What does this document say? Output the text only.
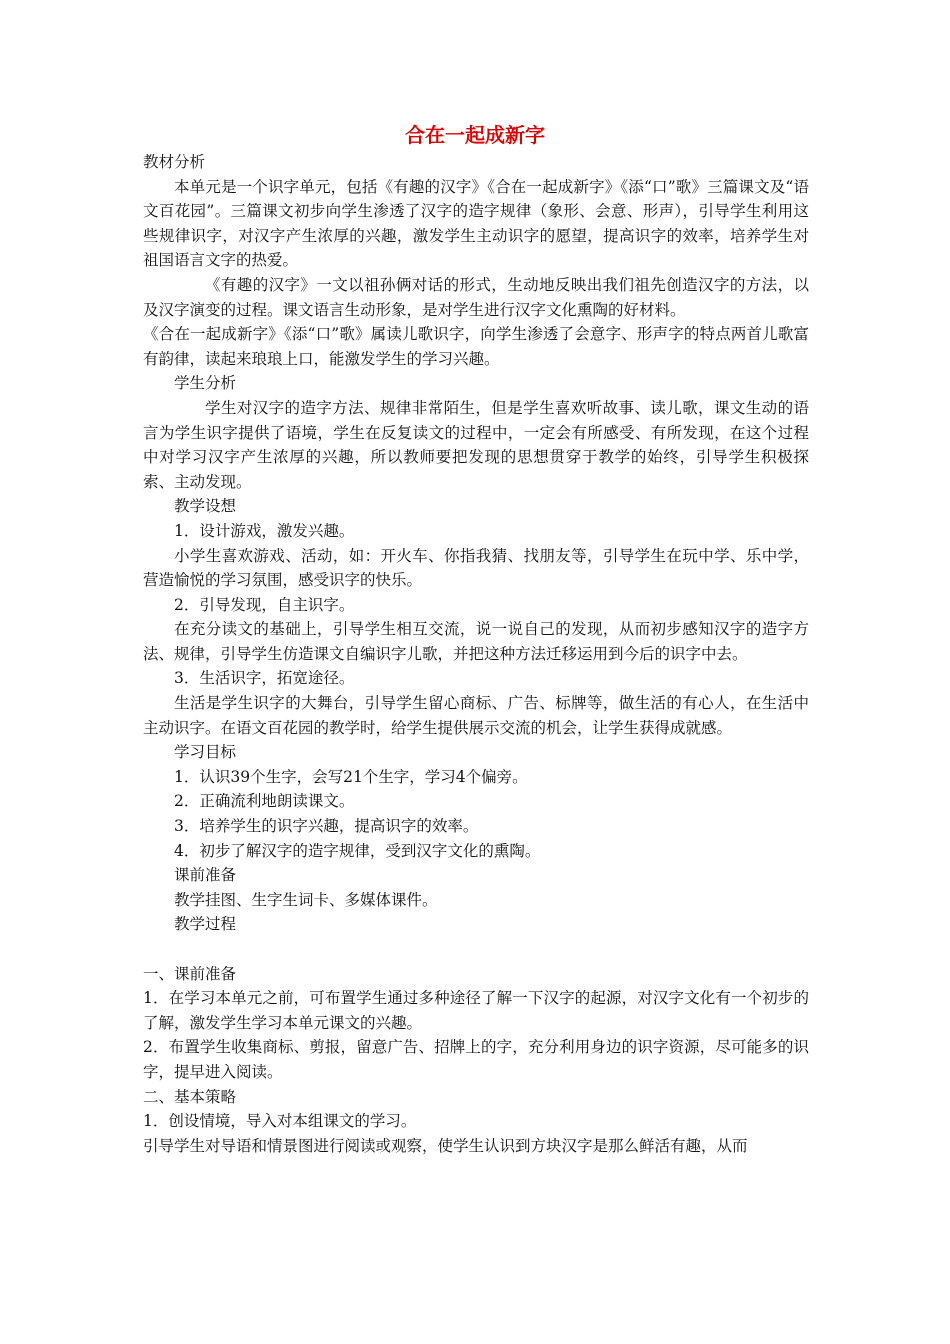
合在一起成新字

教材分析

本单元是一个识字单元，包括《有趣的汉字》《合在一起成新字》《添“口”歌》三篇课文及“语文百花园”。三篇课文初步向学生渗透了汉字的造字规律（象形、会意、形声），引导学生利用这些规律识字，对汉字产生浓厚的兴趣，激发学生主动识字的愿望，提高识字的效率，培养学生对祖国语言文字的热爱。

《有趣的汉字》一文以祖孙俩对话的形式，生动地反映出我们祖先创造汉字的方法，以及汉字演变的过程。课文语言生动形象，是对学生进行汉字文化熏陶的好材料。

《合在一起成新字》《添“口”歌》属读儿歌识字，向学生渗透了会意字、形声字的特点两首儿歌富有韵律，读起来琅琅上口，能激发学生的学习兴趣。

学生分析

学生对汉字的造字方法、规律非常陌生，但是学生喜欢听故事、读儿歌，课文生动的语言为学生识字提供了语境，学生在反复读文的过程中，一定会有所感受、有所发现，在这个过程中对学习汉字产生浓厚的兴趣，所以教师要把发现的思想贯穿于教学的始终，引导学生积极探索、主动发现。

教学设想

1．设计游戏，激发兴趣。

小学生喜欢游戏、活动，如：开火车、你指我猜、找朋友等，引导学生在玩中学、乐中学，营造愉悦的学习氛围，感受识字的快乐。

2．引导发现，自主识字。

在充分读文的基础上，引导学生相互交流，说一说自己的发现，从而初步感知汉字的造字方法、规律，引导学生仿造课文自编识字儿歌，并把这种方法迁移运用到今后的识字中去。

3．生活识字，拓宽途径。

生活是学生识字的大舞台，引导学生留心商标、广告、标牌等，做生活的有心人，在生活中主动识字。在语文百花园的教学时，给学生提供展示交流的机会，让学生获得成就感。

学习目标

1．认识39个生字，会写21个生字，学习4个偏旁。

2．正确流利地朗读课文。

3．培养学生的识字兴趣，提高识字的效率。

4．初步了解汉字的造字规律，受到汉字文化的熏陶。

课前准备

教学挂图、生字生词卡、多媒体课件。

教学过程

一、课前准备

1．在学习本单元之前，可布置学生通过多种途径了解一下汉字的起源，对汉字文化有一个初步的了解，激发学生学习本单元课文的兴趣。

2．布置学生收集商标、剪报，留意广告、招牌上的字，充分利用身边的识字资源，尽可能多的识字，提早进入阅读。

二、基本策略

1．创设情境，导入对本组课文的学习。

引导学生对导语和情景图进行阅读或观察，使学生认识到方块汉字是那么鲜活有趣，从而
